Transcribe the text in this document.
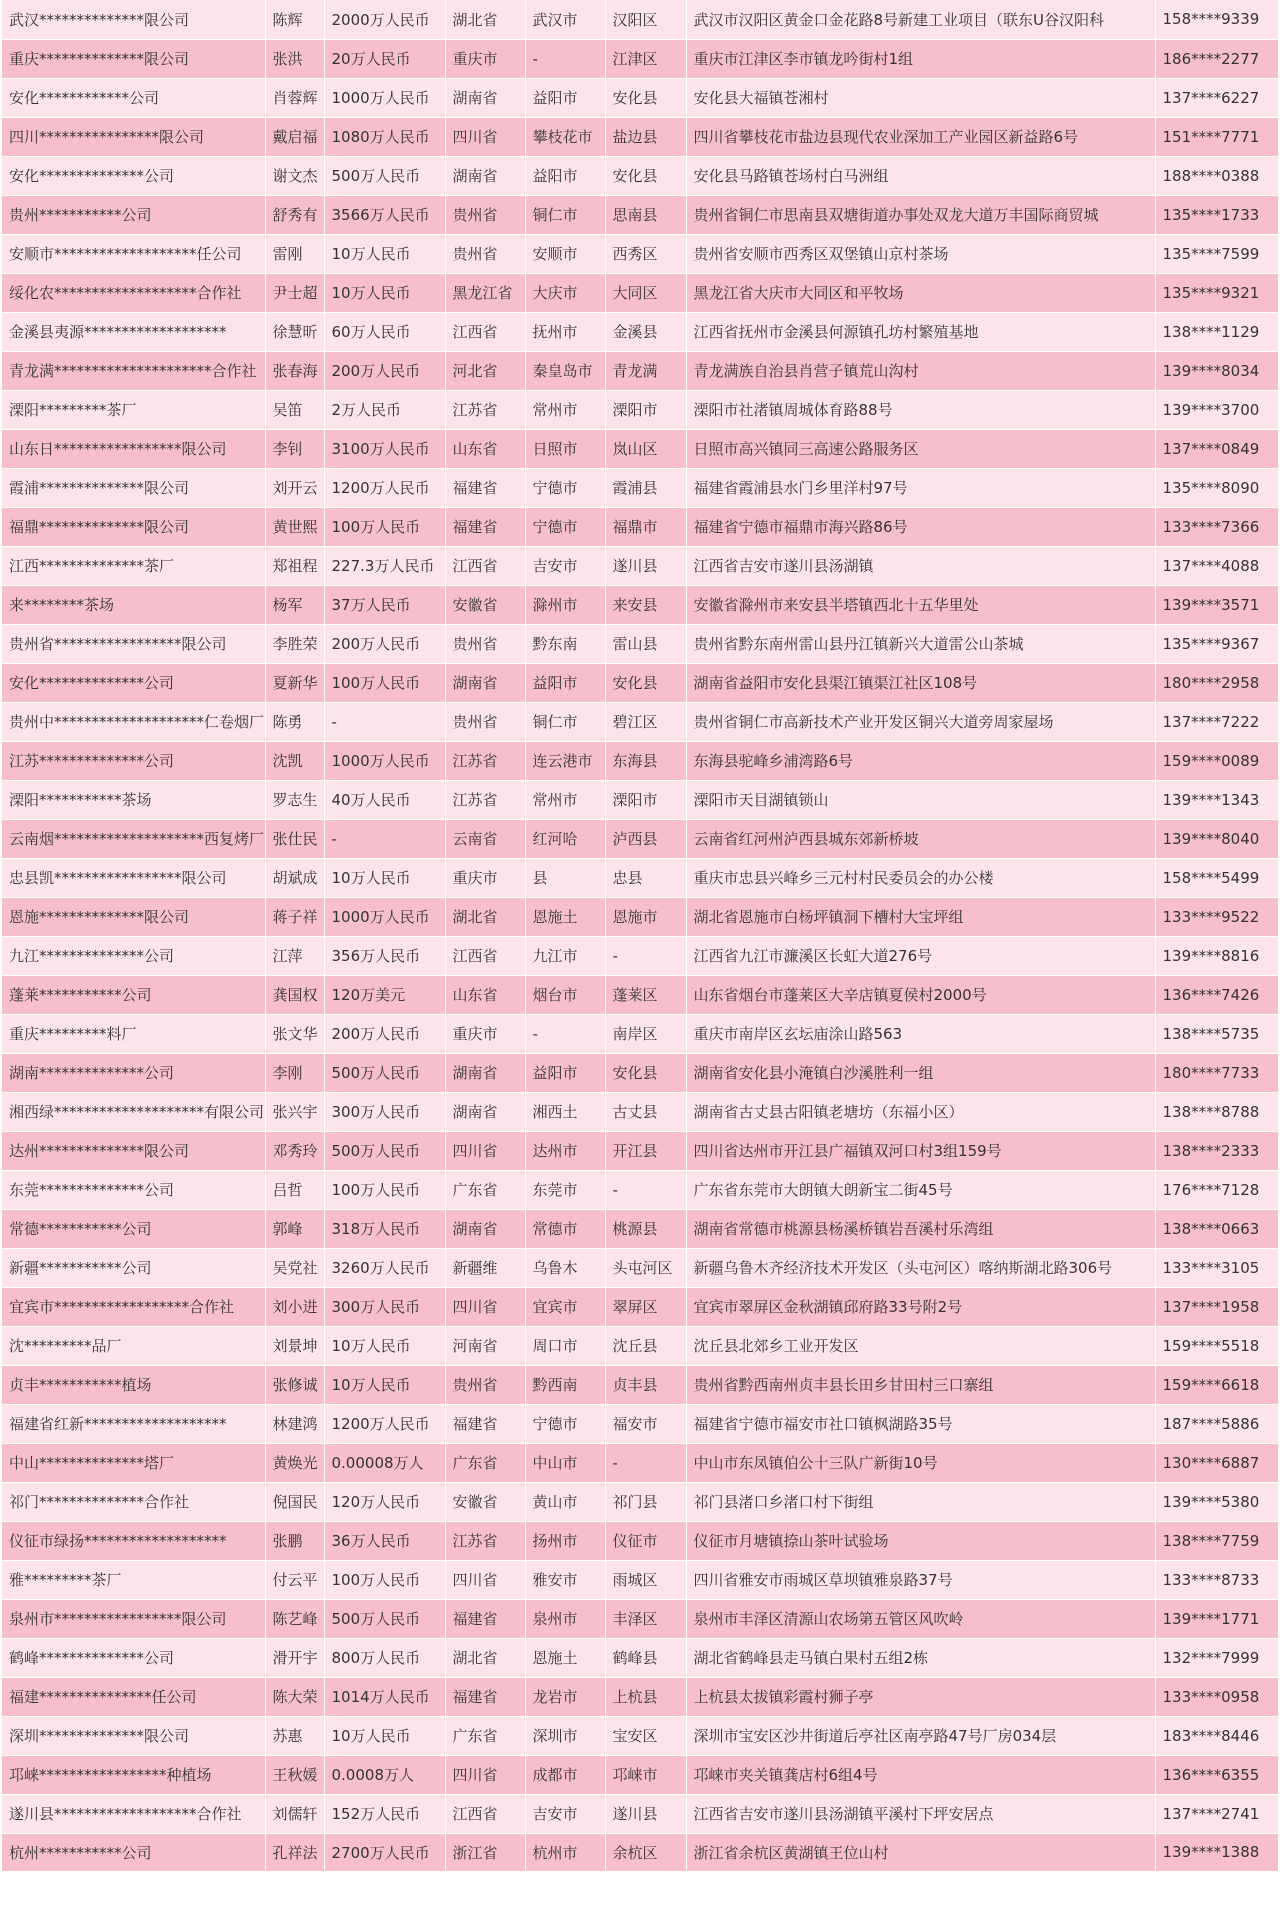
武汉**************限公司	陈辉	2000万人民币	湖北省	武汉市	汉阳区	武汉市汉阳区黄金口金花路8号新建工业项目（联东U谷汉阳科	158****9339
重庆**************限公司	张洪	20万人民币	重庆市	-	江津区	重庆市江津区李市镇龙吟街村1组	186****2277
安化************公司	肖蓉辉	1000万人民币	湖南省	益阳市	安化县	安化县大福镇苍湘村	137****6227
四川****************限公司	戴启福	1080万人民币	四川省	攀枝花市	盐边县	四川省攀枝花市盐边县现代农业深加工产业园区新益路6号	151****7771
安化**************公司	谢文杰	500万人民币	湖南省	益阳市	安化县	安化县马路镇苍场村白马洲组	188****0388
贵州***********公司	舒秀有	3566万人民币	贵州省	铜仁市	思南县	贵州省铜仁市思南县双塘街道办事处双龙大道万丰国际商贸城	135****1733
安顺市*******************任公司	雷刚	10万人民币	贵州省	安顺市	西秀区	贵州省安顺市西秀区双堡镇山京村茶场	135****7599
绥化农*******************合作社	尹士超	10万人民币	黑龙江省	大庆市	大同区	黑龙江省大庆市大同区和平牧场	135****9321
金溪县夷源*******************	徐慧昕	60万人民币	江西省	抚州市	金溪县	江西省抚州市金溪县何源镇孔坊村繁殖基地	138****1129
青龙满*********************合作社	张春海	200万人民币	河北省	秦皇岛市	青龙满	青龙满族自治县肖营子镇荒山沟村	139****8034
溧阳*********茶厂	吴笛	2万人民币	江苏省	常州市	溧阳市	溧阳市社渚镇周城体育路88号	139****3700
山东日*****************限公司	李钊	3100万人民币	山东省	日照市	岚山区	日照市高兴镇同三高速公路服务区	137****0849
霞浦**************限公司	刘开云	1200万人民币	福建省	宁德市	霞浦县	福建省霞浦县水门乡里洋村97号	135****8090
福鼎**************限公司	黄世熙	100万人民币	福建省	宁德市	福鼎市	福建省宁德市福鼎市海兴路86号	133****7366
江西**************茶厂	郑祖程	227.3万人民币	江西省	吉安市	遂川县	江西省吉安市遂川县汤湖镇	137****4088
来********茶场	杨军	37万人民币	安徽省	滁州市	来安县	安徽省滁州市来安县半塔镇西北十五华里处	139****3571
贵州省*****************限公司	李胜荣	200万人民币	贵州省	黔东南	雷山县	贵州省黔东南州雷山县丹江镇新兴大道雷公山茶城	135****9367
安化**************公司	夏新华	100万人民币	湖南省	益阳市	安化县	湖南省益阳市安化县渠江镇渠江社区108号	180****2958
贵州中********************仁卷烟厂	陈勇	-	贵州省	铜仁市	碧江区	贵州省铜仁市高新技术产业开发区铜兴大道旁周家屋场	137****7222
江苏**************公司	沈凯	1000万人民币	江苏省	连云港市	东海县	东海县驼峰乡浦湾路6号	159****0089
溧阳***********茶场	罗志生	40万人民币	江苏省	常州市	溧阳市	溧阳市天目湖镇锁山	139****1343
云南烟********************西复烤厂	张仕民	-	云南省	红河哈	泸西县	云南省红河州泸西县城东郊新桥坡	139****8040
忠县凯*****************限公司	胡斌成	10万人民币	重庆市	县	忠县	重庆市忠县兴峰乡三元村村民委员会的办公楼	158****5499
恩施**************限公司	蒋子祥	1000万人民币	湖北省	恩施土	恩施市	湖北省恩施市白杨坪镇洞下槽村大宝坪组	133****9522
九江**************公司	江萍	356万人民币	江西省	九江市	-	江西省九江市濂溪区长虹大道276号	139****8816
蓬莱***********公司	龚国权	120万美元	山东省	烟台市	蓬莱区	山东省烟台市蓬莱区大辛店镇夏侯村2000号	136****7426
重庆*********料厂	张文华	200万人民币	重庆市	-	南岸区	重庆市南岸区玄坛庙涂山路563	138****5735
湖南**************公司	李刚	500万人民币	湖南省	益阳市	安化县	湖南省安化县小淹镇白沙溪胜利一组	180****7733
湘西绿********************有限公司	张兴宇	300万人民币	湖南省	湘西土	古丈县	湖南省古丈县古阳镇老塘坊（东福小区）	138****8788
达州**************限公司	邓秀玲	500万人民币	四川省	达州市	开江县	四川省达州市开江县广福镇双河口村3组159号	138****2333
东莞**************公司	吕哲	100万人民币	广东省	东莞市	-	广东省东莞市大朗镇大朗新宝二街45号	176****7128
常德***********公司	郭峰	318万人民币	湖南省	常德市	桃源县	湖南省常德市桃源县杨溪桥镇岩吾溪村乐湾组	138****0663
新疆***********公司	吴党社	3260万人民币	新疆维	乌鲁木	头屯河区	新疆乌鲁木齐经济技术开发区（头屯河区）喀纳斯湖北路306号	133****3105
宜宾市******************合作社	刘小进	300万人民币	四川省	宜宾市	翠屏区	宜宾市翠屏区金秋湖镇邱府路33号附2号	137****1958
沈*********品厂	刘景坤	10万人民币	河南省	周口市	沈丘县	沈丘县北郊乡工业开发区	159****5518
贞丰***********植场	张修诚	10万人民币	贵州省	黔西南	贞丰县	贵州省黔西南州贞丰县长田乡甘田村三口寨组	159****6618
福建省红新*******************	林建鸿	1200万人民币	福建省	宁德市	福安市	福建省宁德市福安市社口镇枫湖路35号	187****5886
中山**************塔厂	黄焕光	0.00008万人	广东省	中山市	-	中山市东凤镇伯公十三队广新街10号	130****6887
祁门**************合作社	倪国民	120万人民币	安徽省	黄山市	祁门县	祁门县渚口乡渚口村下街组	139****5380
仪征市绿扬*******************	张鹏	36万人民币	江苏省	扬州市	仪征市	仪征市月塘镇捺山茶叶试验场	138****7759
雅*********茶厂	付云平	100万人民币	四川省	雅安市	雨城区	四川省雅安市雨城区草坝镇雅泉路37号	133****8733
泉州市*****************限公司	陈艺峰	500万人民币	福建省	泉州市	丰泽区	泉州市丰泽区清源山农场第五管区风吹岭	139****1771
鹤峰**************公司	滑开宇	800万人民币	湖北省	恩施土	鹤峰县	湖北省鹤峰县走马镇白果村五组2栋	132****7999
福建***************任公司	陈大荣	1014万人民币	福建省	龙岩市	上杭县	上杭县太拔镇彩霞村狮子亭	133****0958
深圳**************限公司	苏惠	10万人民币	广东省	深圳市	宝安区	深圳市宝安区沙井街道后亭社区南亭路47号厂房034层	183****8446
邛崃*****************种植场	王秋媛	0.0008万人	四川省	成都市	邛崃市	邛崃市夹关镇龚店村6组4号	136****6355
遂川县*******************合作社	刘儒轩	152万人民币	江西省	吉安市	遂川县	江西省吉安市遂川县汤湖镇平溪村下坪安居点	137****2741
杭州***********公司	孔祥法	2700万人民币	浙江省	杭州市	余杭区	浙江省余杭区黄湖镇王位山村	139****1388
